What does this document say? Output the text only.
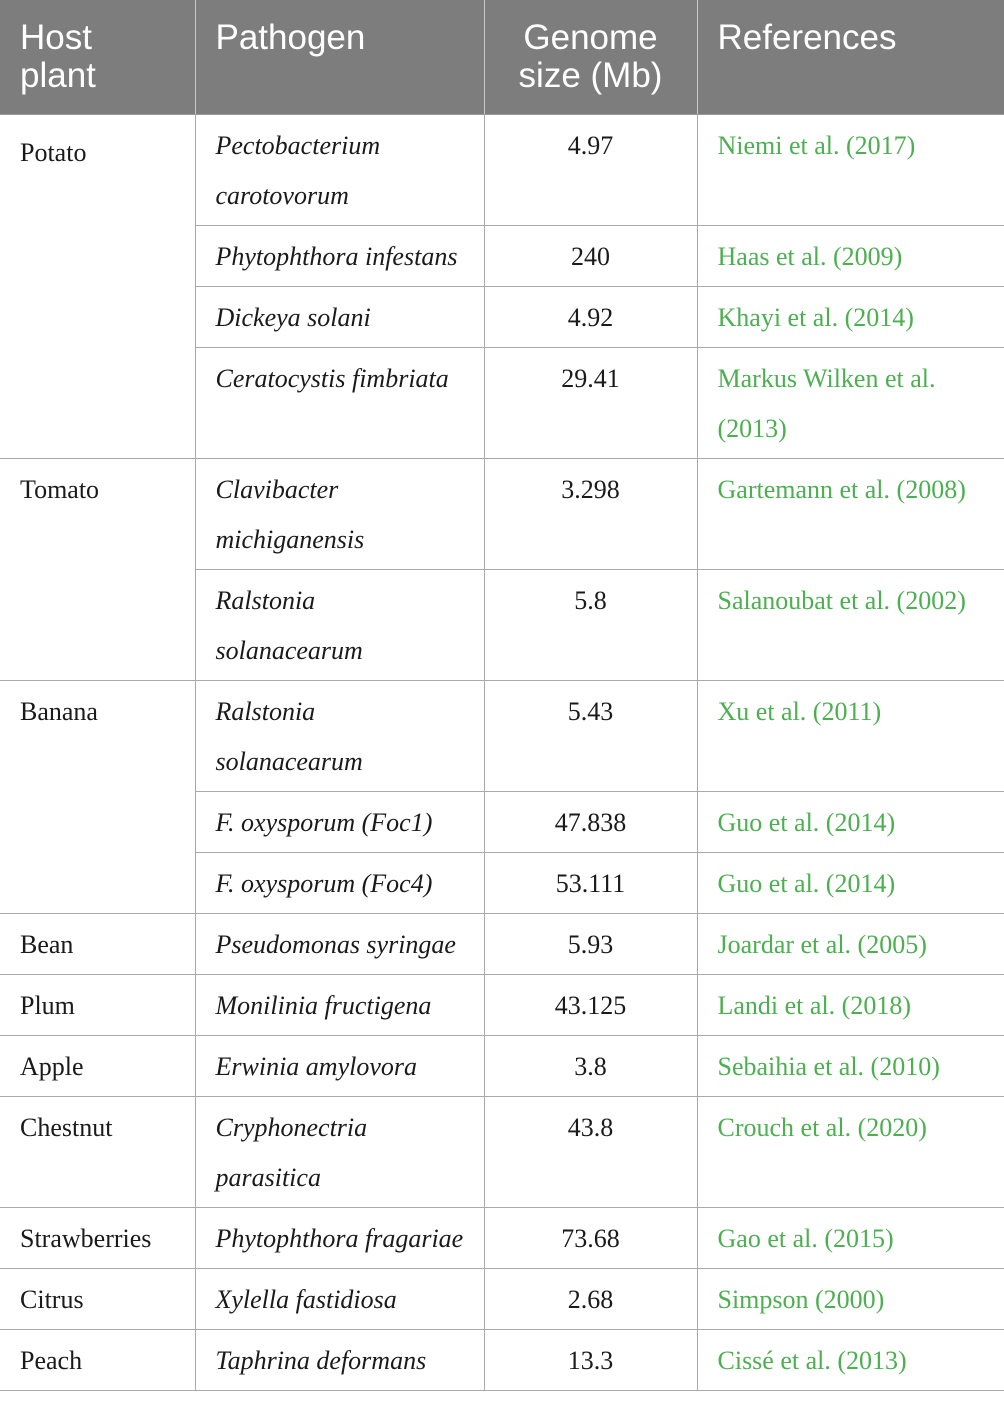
Host plant	Pathogen	Genome size (Mb)	References
Potato	Pectobacterium carotovorum	4.97	Niemi et al. (2017)
	Phytophthora infestans	240	Haas et al. (2009)
	Dickeya solani	4.92	Khayi et al. (2014)
	Ceratocystis fimbriata	29.41	Markus Wilken et al. (2013)
Tomato	Clavibacter michiganensis	3.298	Gartemann et al. (2008)
	Ralstonia solanacearum	5.8	Salanoubat et al. (2002)
Banana	Ralstonia solanacearum	5.43	Xu et al. (2011)
	F. oxysporum (Foc1)	47.838	Guo et al. (2014)
	F. oxysporum (Foc4)	53.111	Guo et al. (2014)
Bean	Pseudomonas syringae	5.93	Joardar et al. (2005)
Plum	Monilinia fructigena	43.125	Landi et al. (2018)
Apple	Erwinia amylovora	3.8	Sebaihia et al. (2010)
Chestnut	Cryphonectria parasitica	43.8	Crouch et al. (2020)
Strawberries	Phytophthora fragariae	73.68	Gao et al. (2015)
Citrus	Xylella fastidiosa	2.68	Simpson (2000)
Peach	Taphrina deformans	13.3	Cissé et al. (2013)
